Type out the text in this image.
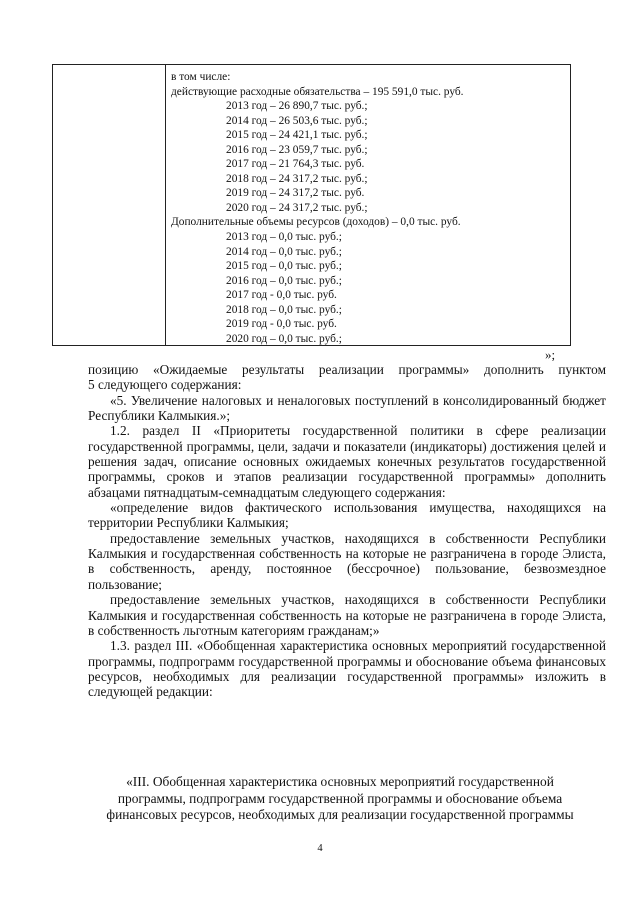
в том числе:
действующие расходные обязательства – 195 591,0 тыс. руб.
2013 год – 26 890,7 тыс. руб.;
2014 год – 26 503,6 тыс. руб.;
2015 год – 24 421,1 тыс. руб.;
2016 год – 23 059,7 тыс. руб.;
2017 год – 21 764,3 тыс. руб.
2018 год – 24 317,2 тыс. руб.;
2019 год – 24 317,2 тыс. руб.
2020 год – 24 317,2 тыс. руб.;
Дополнительные объемы ресурсов (доходов) – 0,0 тыс. руб.
2013 год – 0,0 тыс. руб.;
2014 год – 0,0 тыс. руб.;
2015 год – 0,0 тыс. руб.;
2016 год – 0,0 тыс. руб.;
2017 год - 0,0 тыс. руб.
2018 год – 0,0 тыс. руб.;
2019 год - 0,0 тыс. руб.
2020 год – 0,0 тыс. руб.;
»;

позицию «Ожидаемые результаты реализации программы» дополнить пунктом

5 следующего содержания:

«5. Увеличение налоговых и неналоговых поступлений в консолидированный бюджет Республики Калмыкия.»;

1.2. раздел II «Приоритеты государственной политики в сфере реализации государственной программы, цели, задачи и показатели (индикаторы) достижения целей и решения задач, описание основных ожидаемых конечных результатов государственной программы, сроков и этапов реализации государственной программы» дополнить абзацами пятнадцатым-семнадцатым следующего содержания:

«определение видов фактического использования имущества, находящихся на территории Республики Калмыкия;

предоставление земельных участков, находящихся в собственности Республики Калмыкия и государственная собственность на которые не разграничена в городе Элиста, в собственность, аренду, постоянное (бессрочное) пользование, безвозмездное пользование;

предоставление земельных участков, находящихся в собственности Республики Калмыкия и государственная собственность на которые не разграничена в городе Элиста, в собственность льготным категориям гражданам;»

1.3. раздел III. «Обобщенная характеристика основных мероприятий государственной программы, подпрограмм государственной программы и обоснование объема финансовых ресурсов, необходимых для реализации государственной программы» изложить в следующей редакции:

«III. Обобщенная характеристика основных мероприятий государственной
программы, подпрограмм государственной программы и обоснование объема
финансовых ресурсов, необходимых для реализации государственной программы
4
